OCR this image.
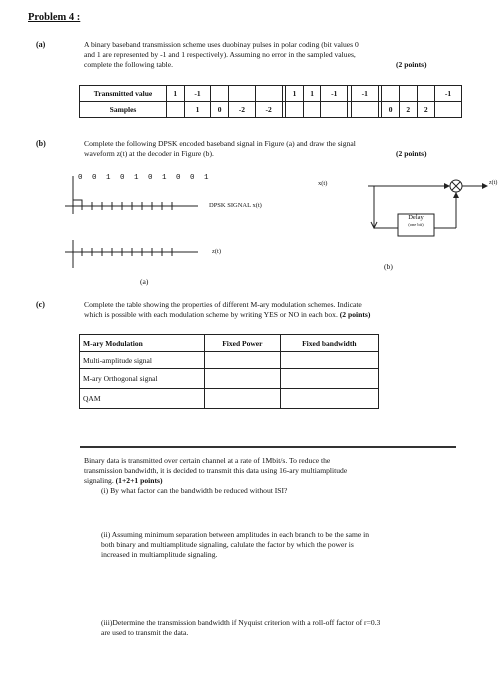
Problem 4 :
(a)	A binary baseband transmission scheme uses duobinay pulses in polar coding (bit values 0
and 1 are represented by -1 and 1 respectively). Assuming no error in the sampled values,
complete the following table.	(2 points)
Transmitted value	1	-1					1	1	-1		-1					-1
Samples		1	0	-2	-2								0	2	2	
(b)	Complete the following DPSK encoded baseband signal in Figure (a) and draw the signal
waveform z(t) at the decoder in Figure (b).	(2 points)
0 0 1 0 1 0 1 0 0 1
DPSK SIGNAL x(t)
z(t)
(a)
x(t)
Delay
(one bit)
z(t)
(b)
(c)	Complete the table showing the properties of different M-ary modulation schemes. Indicate
which is possible with each modulation scheme by writing YES or NO in each box. (2 points)
M-ary Modulation	Fixed Power	Fixed bandwidth
Multi-amplitude signal		
M-ary Orthogonal signal		
QAM		
Binary data is transmitted over certain channel at a rate of 1Mbit/s. To reduce the
transmission bandwidth, it is decided to transmit this data using 16-ary multiamplitude
signaling. (1+2+1 points)
(i) By what factor can the bandwidth be reduced without ISI?
(ii) Assuming minimum separation between amplitudes in each branch to be the same in
both binary and multiamplitude signaling, calulate the factor by which the power is
increased in multiamplitude signaling.
(iii)Determine the transmission bandwidth if Nyquist criterion with a roll-off factor of r=0.3
are used to transmit the data.
